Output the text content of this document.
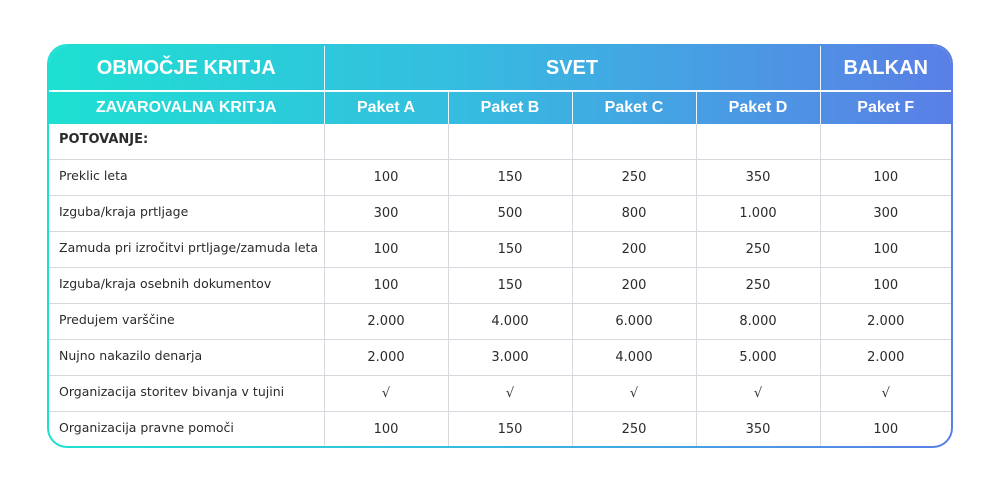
OBMOČJE KRITJA	SVET				BALKAN
ZAVAROVALNA KRITJA	Paket A	Paket B	Paket C	Paket D	Paket F
POTOVANJE:					
Preklic leta	100	150	250	350	100
Izguba/kraja prtljage	300	500	800	1.000	300
Zamuda pri izročitvi prtljage/zamuda leta	100	150	200	250	100
Izguba/kraja osebnih dokumentov	100	150	200	250	100
Predujem varščine	2.000	4.000	6.000	8.000	2.000
Nujno nakazilo denarja	2.000	3.000	4.000	5.000	2.000
Organizacija storitev bivanja v tujini	√	√	√	√	√
Organizacija pravne pomoči	100	150	250	350	100
